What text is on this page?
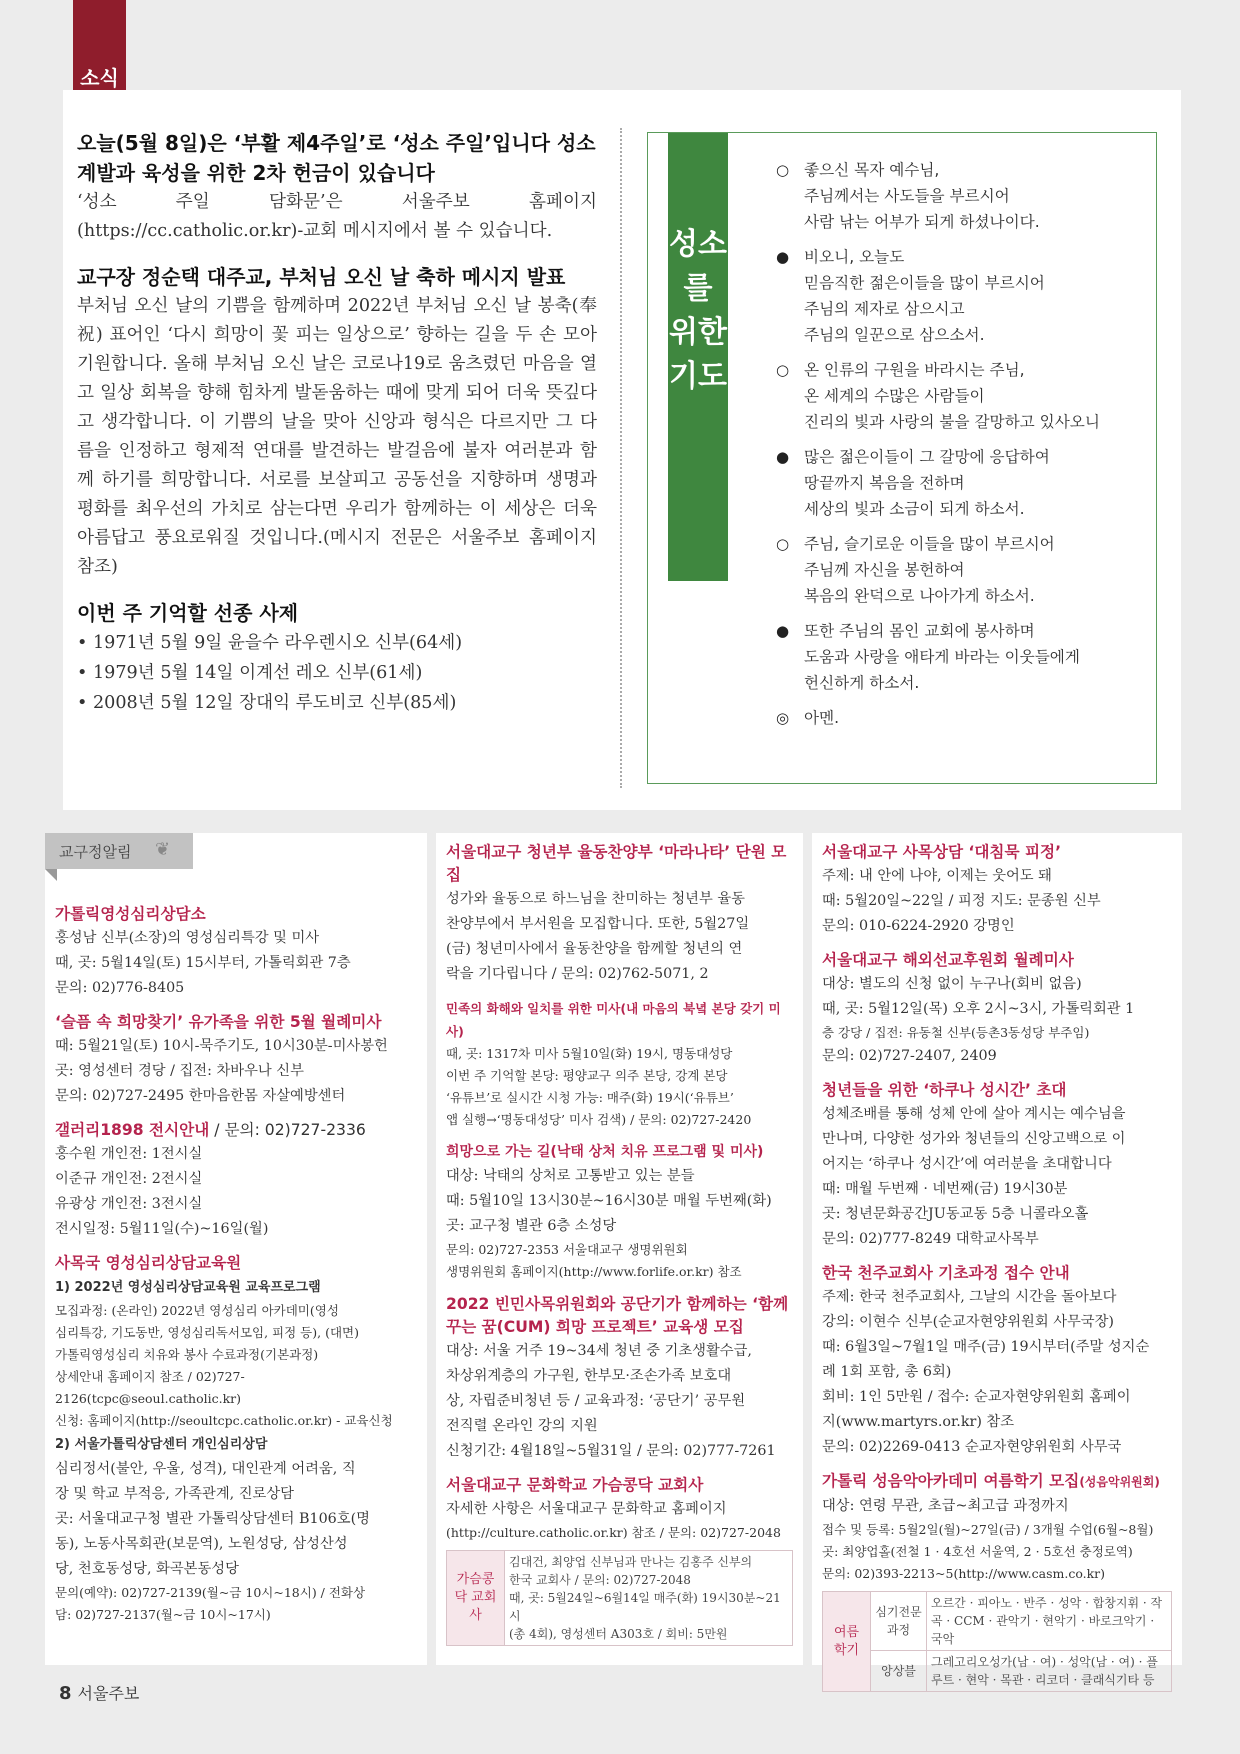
소식
오늘(5월 8일)은 ‘부활 제4주일’로 ‘성소 주일’입니다 성소 계발과 육성을 위한 2차 헌금이 있습니다
‘성소 주일 담화문’은 서울주보 홈페이지(https://cc.catholic.or.kr)-교회 메시지에서 볼 수 있습니다.
교구장 정순택 대주교, 부처님 오신 날 축하 메시지 발표
부처님 오신 날의 기쁨을 함께하며 2022년 부처님 오신 날 봉축(奉祝) 표어인 ‘다시 희망이 꽃 피는 일상으로’ 향하는 길을 두 손 모아 기원합니다. 올해 부처님 오신 날은 코로나19로 움츠렸던 마음을 열고 일상 회복을 향해 힘차게 발돋움하는 때에 맞게 되어 더욱 뜻깊다고 생각합니다. 이 기쁨의 날을 맞아 신앙과 형식은 다르지만 그 다름을 인정하고 형제적 연대를 발견하는 발걸음에 불자 여러분과 함께 하기를 희망합니다. 서로를 보살피고 공동선을 지향하며 생명과 평화를 최우선의 가치로 삼는다면 우리가 함께하는 이 세상은 더욱 아름답고 풍요로워질 것입니다.(메시지 전문은 서울주보 홈페이지 참조)
이번 주 기억할 선종 사제
• 1971년 5월 9일 윤을수 라우렌시오 신부(64세)
• 1979년 5월 14일 이계선 레오 신부(61세)
• 2008년 5월 12일 장대익 루도비코 신부(85세)
성소를 위한 기도
○ 좋으신 목자 예수님,
주님께서는 사도들을 부르시어
사람 낚는 어부가 되게 하셨나이다.
● 비오니, 오늘도
믿음직한 젊은이들을 많이 부르시어
주님의 제자로 삼으시고
주님의 일꾼으로 삼으소서.
○ 온 인류의 구원을 바라시는 주님,
온 세계의 수많은 사람들이
진리의 빛과 사랑의 불을 갈망하고 있사오니
● 많은 젊은이들이 그 갈망에 응답하여
땅끝까지 복음을 전하며
세상의 빛과 소금이 되게 하소서.
○ 주님, 슬기로운 이들을 많이 부르시어
주님께 자신을 봉헌하여
복음의 완덕으로 나아가게 하소서.
● 또한 주님의 몸인 교회에 봉사하며
도움과 사랑을 애타게 바라는 이웃들에게
헌신하게 하소서.
◎ 아멘.
교구정알림 ❦
가톨릭영성심리상담소
홍성남 신부(소장)의 영성심리특강 및 미사
때, 곳: 5월14일(토) 15시부터, 가톨릭회관 7층
문의: 02)776-8405
‘슬픔 속 희망찾기’ 유가족을 위한 5월 월례미사
때: 5월21일(토) 10시-묵주기도, 10시30분-미사봉헌
곳: 영성센터 경당 / 집전: 차바우나 신부
문의: 02)727-2495 한마음한몸 자살예방센터
갤러리1898 전시안내 / 문의: 02)727-2336
홍수원 개인전: 1전시실
이준규 개인전: 2전시실
유광상 개인전: 3전시실
전시일정: 5월11일(수)~16일(월)
사목국 영성심리상담교육원
1) 2022년 영성심리상담교육원 교육프로그램
모집과정: (온라인) 2022년 영성심리 아카데미(영성
심리특강, 기도동반, 영성심리독서모임, 피정 등), (대면)
가톨릭영성심리 치유와 봉사 수료과정(기본과정)
상세안내 홈페이지 참조 / 02)727-2126(tcpc@seoul.catholic.kr)
신청: 홈페이지(http://seoultcpc.catholic.or.kr) - 교육신청
2) 서울가톨릭상담센터 개인심리상담
심리정서(불안, 우울, 성격), 대인관계 어려움, 직
장 및 학교 부적응, 가족관계, 진로상담
곳: 서울대교구청 별관 가톨릭상담센터 B106호(명
동), 노동사목회관(보문역), 노원성당, 삼성산성
당, 천호동성당, 화곡본동성당
문의(예약): 02)727-2139(월~금 10시~18시) / 전화상
담: 02)727-2137(월~금 10시~17시)
서울대교구 청년부 율동찬양부 ‘마라나타’ 단원 모집
성가와 율동으로 하느님을 찬미하는 청년부 율동
찬양부에서 부서원을 모집합니다. 또한, 5월27일
(금) 청년미사에서 율동찬양을 함께할 청년의 연
락을 기다립니다 / 문의: 02)762-5071, 2
민족의 화해와 일치를 위한 미사(내 마음의 북녘 본당 갖기 미사)
때, 곳: 1317차 미사 5월10일(화) 19시, 명동대성당
이번 주 기억할 본당: 평양교구 의주 본당, 강계 본당
‘유튜브’로 실시간 시청 가능: 매주(화) 19시(‘유튜브’
앱 실행→‘명동대성당’ 미사 검색) / 문의: 02)727-2420
희망으로 가는 길(낙태 상처 치유 프로그램 및 미사)
대상: 낙태의 상처로 고통받고 있는 분들
때: 5월10일 13시30분~16시30분 매월 두번째(화)
곳: 교구청 별관 6층 소성당
문의: 02)727-2353 서울대교구 생명위원회
생명위원회 홈페이지(http://www.forlife.or.kr) 참조
2022 빈민사목위원회와 공단기가 함께하는 ‘함께 꾸는 꿈(CUM) 희망 프로젝트’ 교육생 모집
대상: 서울 거주 19~34세 청년 중 기초생활수급,
차상위계층의 가구원, 한부모·조손가족 보호대
상, 자립준비청년 등 / 교육과정: ‘공단기’ 공무원
전직렬 온라인 강의 지원
신청기간: 4월18일~5월31일 / 문의: 02)777-7261
서울대교구 문화학교 가슴콩닥 교회사
자세한 사항은 서울대교구 문화학교 홈페이지
(http://culture.catholic.or.kr) 참조 / 문의: 02)727-2048
가슴콩닥 교회사	
김대건, 최양업 신부님과 만나는 김홍주 신부의
한국 교회사 / 문의: 02)727-2048
때, 곳: 5월24일~6월14일 매주(화) 19시30분~21시
(총 4회), 영성센터 A303호 / 회비: 5만원
서울대교구 사목상담 ‘대침묵 피정’
주제: 내 안에 나야, 이제는 웃어도 돼
때: 5월20일~22일 / 피정 지도: 문종원 신부
문의: 010-6224-2920 강명인
서울대교구 해외선교후원회 월례미사
대상: 별도의 신청 없이 누구나(회비 없음)
때, 곳: 5월12일(목) 오후 2시~3시, 가톨릭회관 1
층 강당 / 집전: 유동철 신부(등촌3동성당 부주임)
문의: 02)727-2407, 2409
청년들을 위한 ‘하쿠나 성시간’ 초대
성체조배를 통해 성체 안에 살아 계시는 예수님을
만나며, 다양한 성가와 청년들의 신앙고백으로 이
어지는 ‘하쿠나 성시간’에 여러분을 초대합니다
때: 매월 두번째 · 네번째(금) 19시30분
곳: 청년문화공간JU동교동 5층 니콜라오홀
문의: 02)777-8249 대학교사목부
한국 천주교회사 기초과정 접수 안내
주제: 한국 천주교회사, 그날의 시간을 돌아보다
강의: 이현수 신부(순교자현양위원회 사무국장)
때: 6월3일~7월1일 매주(금) 19시부터(주말 성지순
례 1회 포함, 총 6회)
회비: 1인 5만원 / 접수: 순교자현양위원회 홈페이
지(www.martyrs.or.kr) 참조
문의: 02)2269-0413 순교자현양위원회 사무국
가톨릭 성음악아카데미 여름학기 모집(성음악위원회)
대상: 연령 무관, 초급~최고급 과정까지
접수 및 등록: 5월2일(월)~27일(금) / 3개월 수업(6월~8월)
곳: 최양업홀(전철 1 · 4호선 서울역, 2 · 5호선 충정로역)
문의: 02)393-2213~5(http://www.casm.co.kr)
여름 학기	심기전문 과정	오르간 · 피아노 · 반주 · 성악 · 합창지휘 · 작곡 · CCM · 관악기 · 현악기 · 바로크악기 · 국악
	앙상블	그레고리오성가(남 · 여) · 성악(남 · 여) · 플루트 · 현악 · 목관 · 리코더 · 클래식기타 등
8 서울주보
